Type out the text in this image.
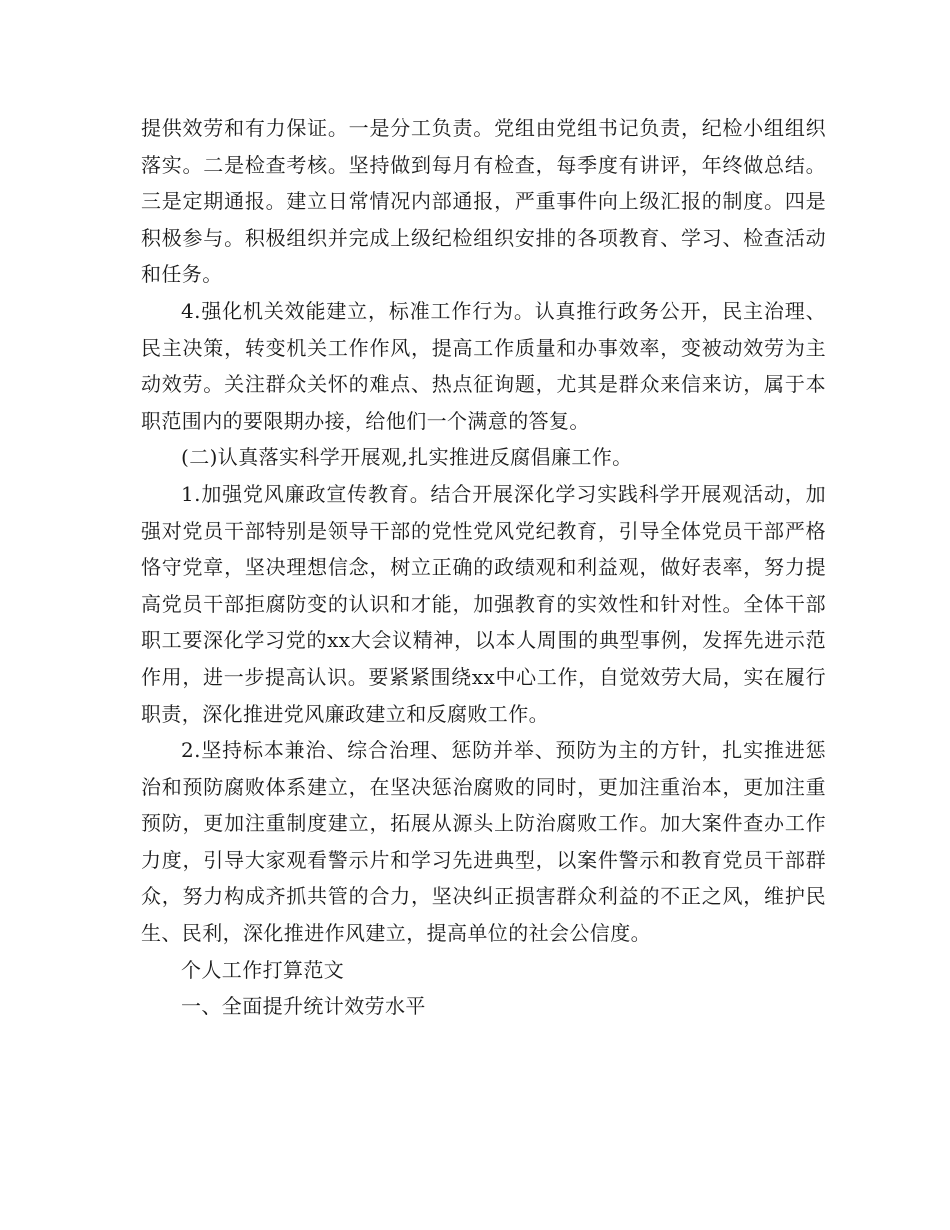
提供效劳和有力保证。一是分工负责。党组由党组书记负责，纪检小组组织落实。二是检查考核。坚持做到每月有检查，每季度有讲评，年终做总结。三是定期通报。建立日常情况内部通报，严重事件向上级汇报的制度。四是积极参与。积极组织并完成上级纪检组织安排的各项教育、学习、检查活动和任务。

4.强化机关效能建立，标准工作行为。认真推行政务公开，民主治理、民主决策，转变机关工作作风，提高工作质量和办事效率，变被动效劳为主动效劳。关注群众关怀的难点、热点征询题，尤其是群众来信来访，属于本职范围内的要限期办接，给他们一个满意的答复。

(二)认真落实科学开展观,扎实推进反腐倡廉工作。

1.加强党风廉政宣传教育。结合开展深化学习实践科学开展观活动，加强对党员干部特别是领导干部的党性党风党纪教育，引导全体党员干部严格恪守党章，坚决理想信念，树立正确的政绩观和利益观，做好表率，努力提高党员干部拒腐防变的认识和才能，加强教育的实效性和针对性。全体干部职工要深化学习党的xx大会议精神，以本人周围的典型事例，发挥先进示范作用，进一步提高认识。要紧紧围绕xx中心工作，自觉效劳大局，实在履行职责，深化推进党风廉政建立和反腐败工作。

2.坚持标本兼治、综合治理、惩防并举、预防为主的方针，扎实推进惩治和预防腐败体系建立，在坚决惩治腐败的同时，更加注重治本，更加注重预防，更加注重制度建立，拓展从源头上防治腐败工作。加大案件查办工作力度，引导大家观看警示片和学习先进典型，以案件警示和教育党员干部群众，努力构成齐抓共管的合力，坚决纠正损害群众利益的不正之风，维护民生、民利，深化推进作风建立，提高单位的社会公信度。

个人工作打算范文

一、全面提升统计效劳水平
